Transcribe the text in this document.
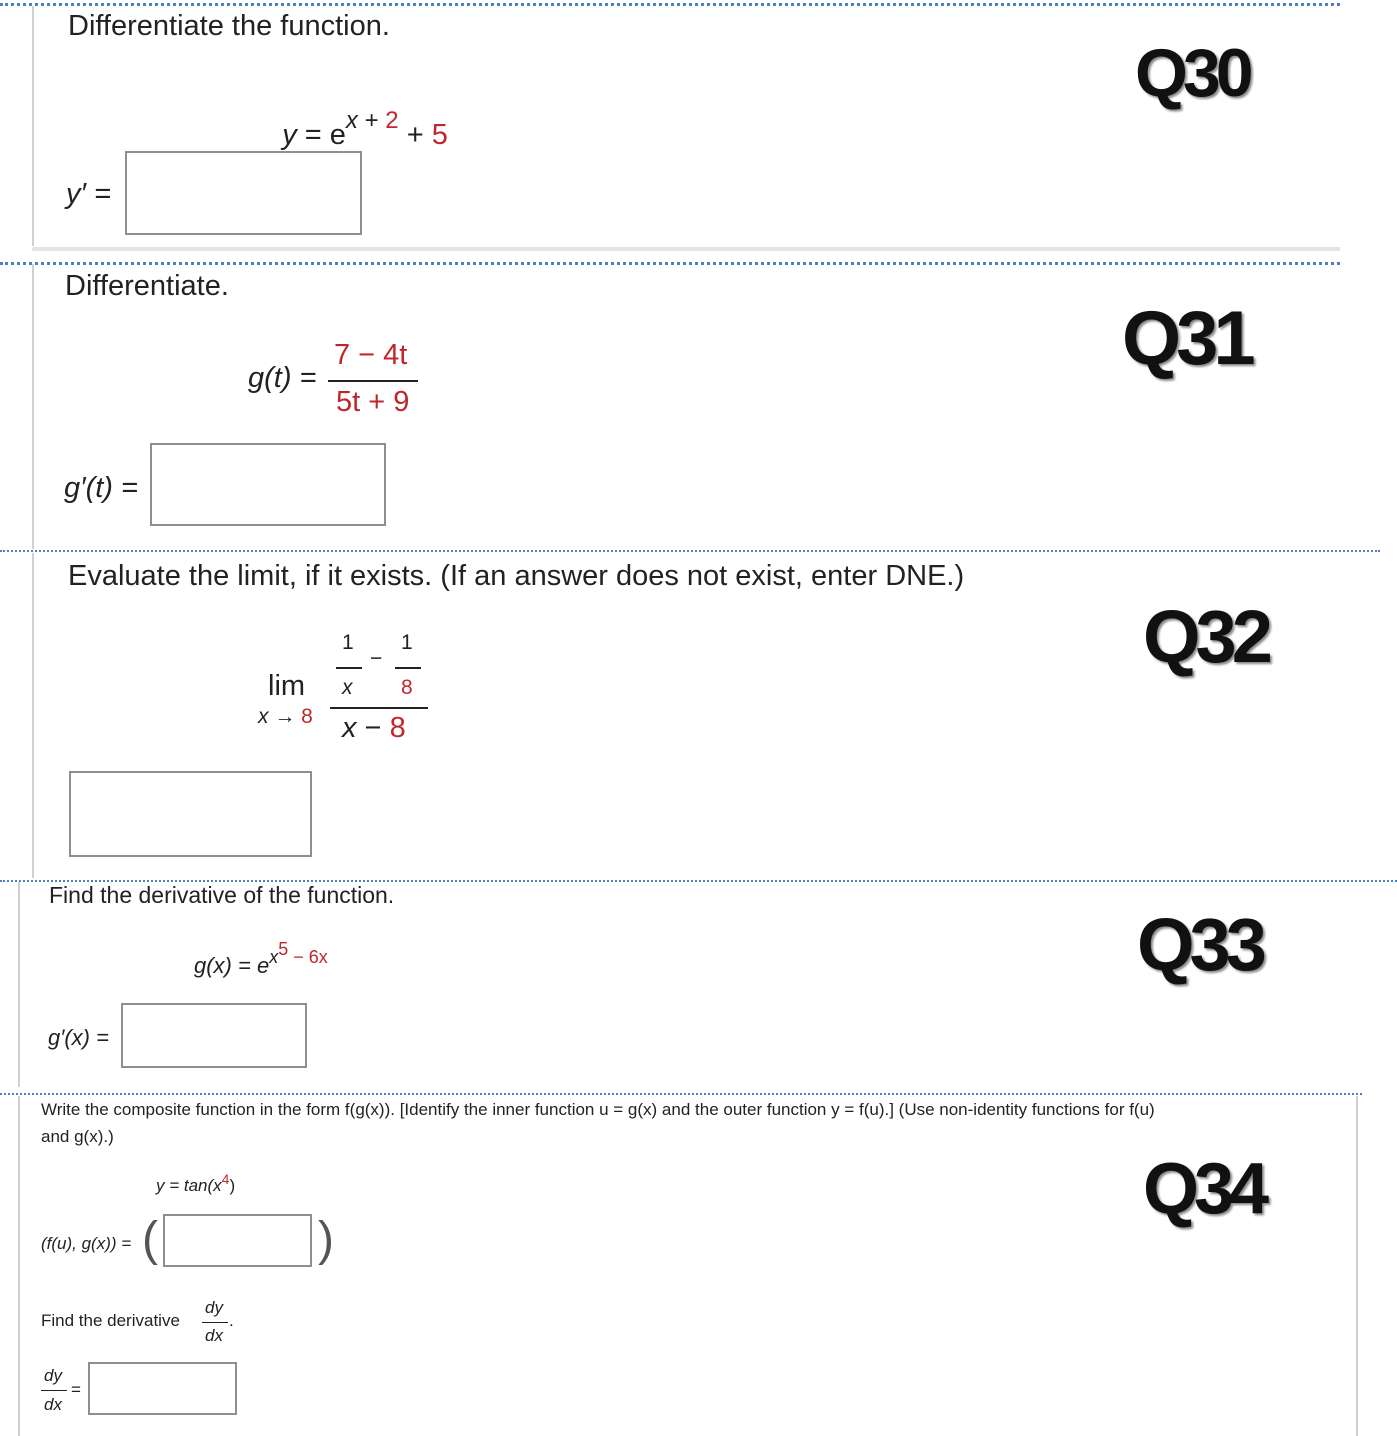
Differentiate the function.

$y = e^{x + 2} + 5$

y′ =
Q30
Differentiate.
g(t) =
7 − 4t
5t + 9
g′(t) =
Q31
Evaluate the limit, if it exists. (If an answer does not exist, enter DNE.)
lim
x → 8
1
x
−
1
8
x − 8
Q32
Find the derivative of the function.
$g(x) = e^{x5 - 6x}$
g′(x) =
Q33
Write the composite function in the form f(g(x)). [Identify the inner function u = g(x) and the outer function y = f(u).] (Use non-identity functions for f(u)
and g(x).)
$y = \tan(x^4)$
(f(u), g(x)) = (	)
Find the derivative
dy
dx
.
dy
dx
=
Q34
